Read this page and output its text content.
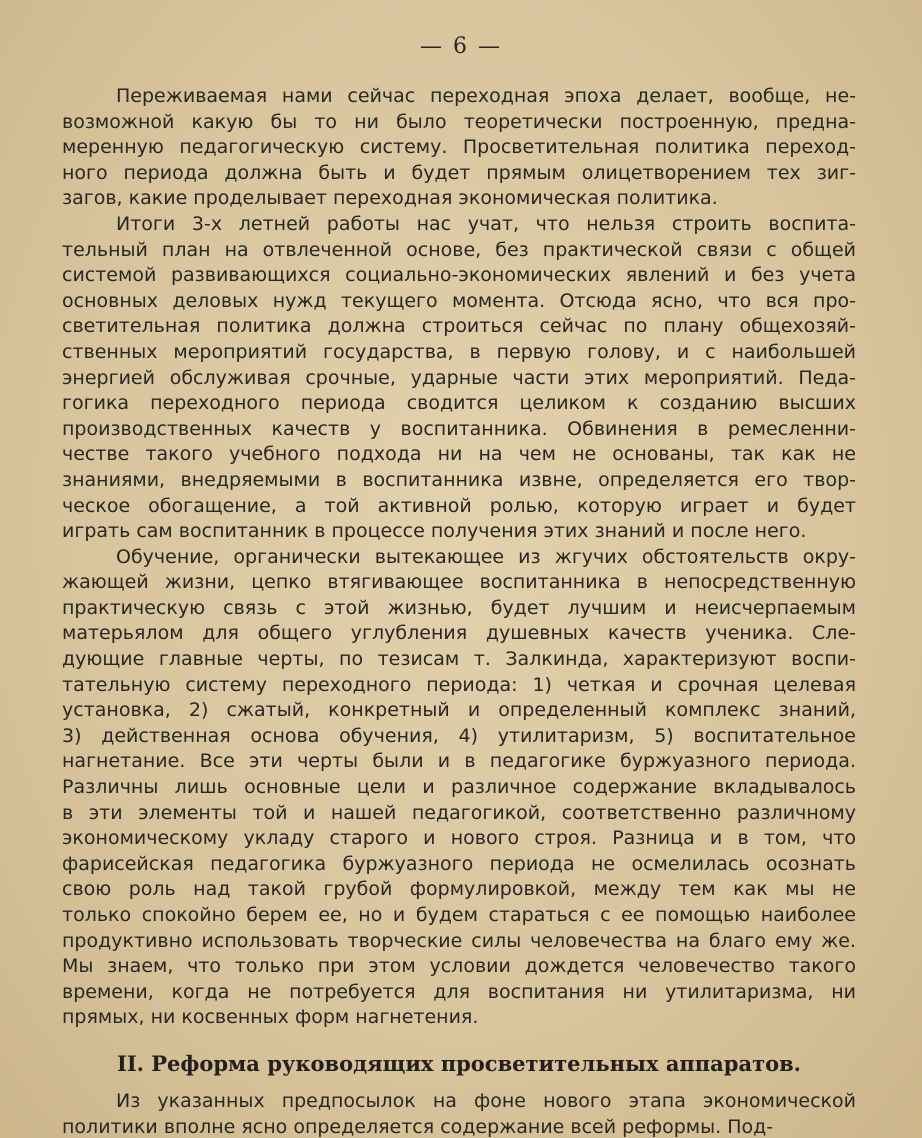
— 6 —
Переживаемая нами сейчас переходная эпоха делает, вообще, не-
возможной какую бы то ни было теоретически построенную, предна-
меренную педагогическую систему. Просветительная политика переход-
ного периода должна быть и будет прямым олицетворением тех зиг-
загов, какие проделывает переходная экономическая политика.
Итоги 3-х летней работы нас учат, что нельзя строить воспита-
тельный план на отвлеченной основе, без практической связи с общей
системой развивающихся социально-экономических явлений и без учета
основных деловых нужд текущего момента. Отсюда ясно, что вся про-
светительная политика должна строиться сейчас по плану общехозяй-
ственных мероприятий государства, в первую голову, и с наибольшей
энергией обслуживая срочные, ударные части этих мероприятий. Педа-
гогика переходного периода сводится целиком к созданию высших
производственных качеств у воспитанника. Обвинения в ремесленни-
честве такого учебного подхода ни на чем не основаны, так как не
знаниями, внедряемыми в воспитанника извне, определяется его твор-
ческое обогащение, а той активной ролью, которую играет и будет
играть сам воспитанник в процессе получения этих знаний и после него.
Обучение, органически вытекающее из жгучих обстоятельств окру-
жающей жизни, цепко втягивающее воспитанника в непосредственную
практическую связь с этой жизнью, будет лучшим и неисчерпаемым
матерьялом для общего углубления душевных качеств ученика. Сле-
дующие главные черты, по тезисам т. Залкинда, характеризуют воспи-
тательную систему переходного периода: 1) четкая и срочная целевая
установка, 2) сжатый, конкретный и определенный комплекс знаний,
3) действенная основа обучения, 4) утилитаризм, 5) воспитательное
нагнетание. Все эти черты были и в педагогике буржуазного периода.
Различны лишь основные цели и различное содержание вкладывалось
в эти элементы той и нашей педагогикой, соответственно различному
экономическому укладу старого и нового строя. Разница и в том, что
фарисейская педагогика буржуазного периода не осмелилась осознать
свою роль над такой грубой формулировкой, между тем как мы не
только спокойно берем ее, но и будем стараться с ее помощью наиболее
продуктивно использовать творческие силы человечества на благо ему же.
Мы знаем, что только при этом условии дождется человечество такого
времени, когда не потребуется для воспитания ни утилитаризма, ни
прямых, ни косвенных форм нагнетения.
II. Реформа руководящих просветительных аппаратов.
Из указанных предпосылок на фоне нового этапа экономической
политики вполне ясно определяется содержание всей реформы. Под-
